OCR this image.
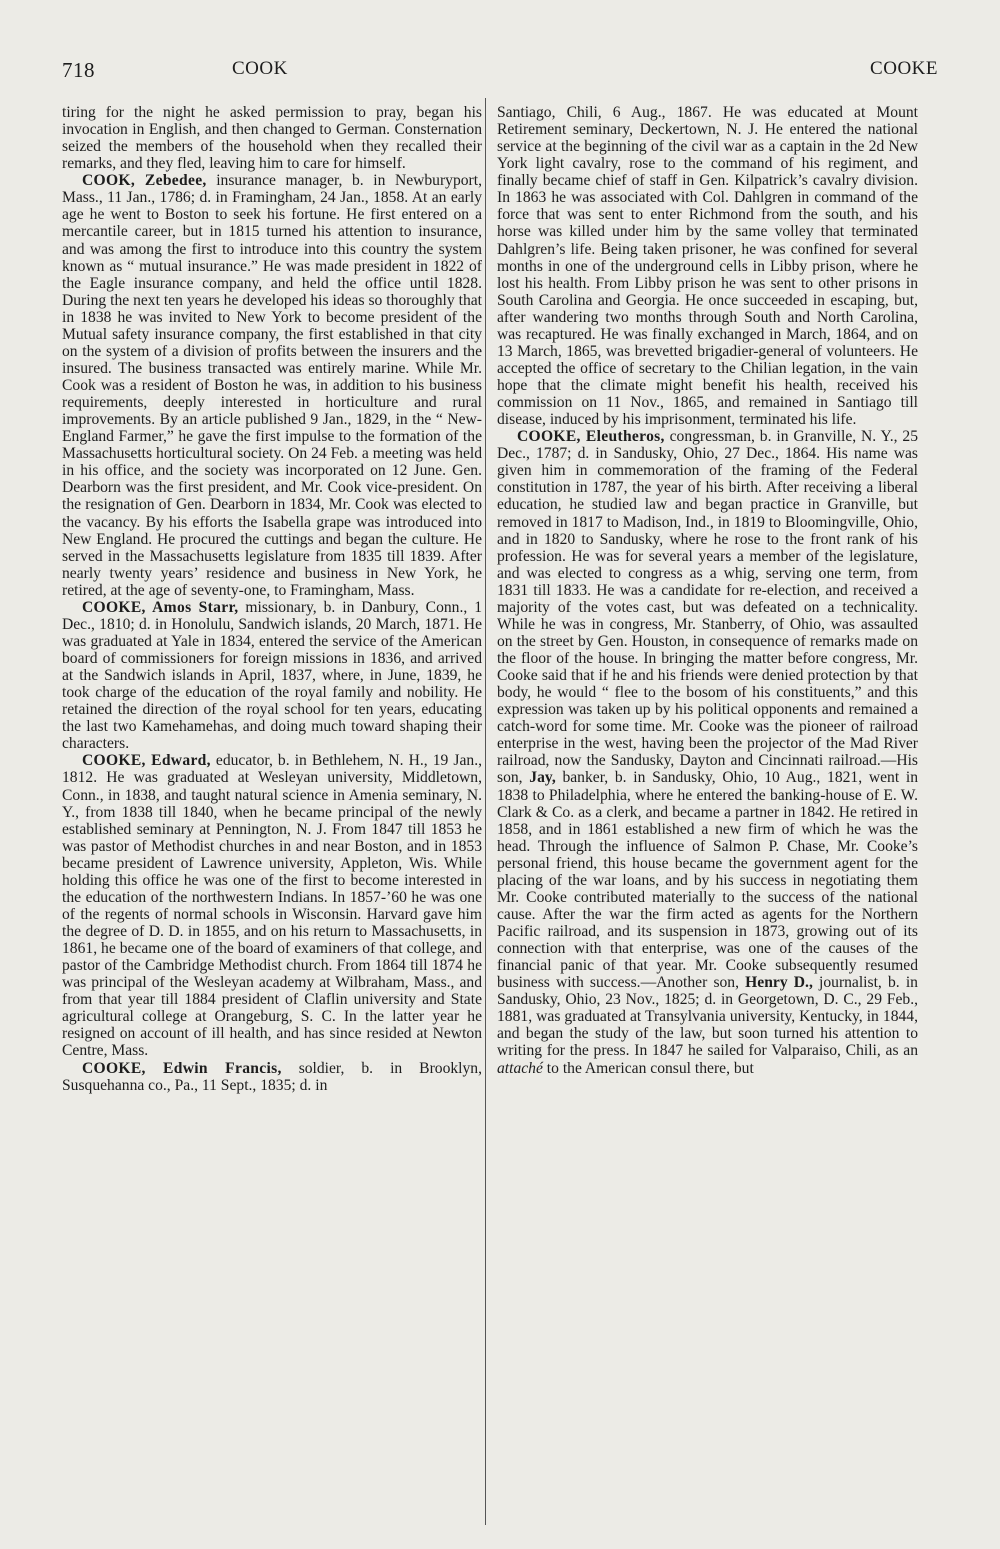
718	COOK	COOKE

tiring for the night he asked permission to pray, began his invocation in English, and then changed to German. Consternation seized the members of the household when they recalled their remarks, and they fled, leaving him to care for himself.

COOK, Zebedee, insurance manager, b. in Newburyport, Mass., 11 Jan., 1786; d. in Framingham, 24 Jan., 1858. At an early age he went to Boston to seek his fortune. He first entered on a mercantile career, but in 1815 turned his attention to insurance, and was among the first to introduce into this country the system known as “ mutual insurance.” He was made president in 1822 of the Eagle insurance company, and held the office until 1828. During the next ten years he developed his ideas so thoroughly that in 1838 he was invited to New York to become president of the Mutual safety insurance company, the first established in that city on the system of a division of profits between the insurers and the insured. The business transacted was entirely marine. While Mr. Cook was a resident of Boston he was, in addition to his business requirements, deeply interested in horticulture and rural improvements. By an article published 9 Jan., 1829, in the “ New-England Farmer,” he gave the first impulse to the formation of the Massachusetts horticultural society. On 24 Feb. a meeting was held in his office, and the society was incorporated on 12 June. Gen. Dearborn was the first president, and Mr. Cook vice-president. On the resignation of Gen. Dearborn in 1834, Mr. Cook was elected to the vacancy. By his efforts the Isabella grape was introduced into New England. He procured the cuttings and began the culture. He served in the Massachusetts legislature from 1835 till 1839. After nearly twenty years’ residence and business in New York, he retired, at the age of seventy-one, to Framingham, Mass.

COOKE, Amos Starr, missionary, b. in Danbury, Conn., 1 Dec., 1810; d. in Honolulu, Sandwich islands, 20 March, 1871. He was graduated at Yale in 1834, entered the service of the American board of commissioners for foreign missions in 1836, and arrived at the Sandwich islands in April, 1837, where, in June, 1839, he took charge of the education of the royal family and nobility. He retained the direction of the royal school for ten years, educating the last two Kamehamehas, and doing much toward shaping their characters.

COOKE, Edward, educator, b. in Bethlehem, N. H., 19 Jan., 1812. He was graduated at Wesleyan university, Middletown, Conn., in 1838, and taught natural science in Amenia seminary, N. Y., from 1838 till 1840, when he became principal of the newly established seminary at Pennington, N. J. From 1847 till 1853 he was pastor of Methodist churches in and near Boston, and in 1853 became president of Lawrence university, Appleton, Wis. While holding this office he was one of the first to become interested in the education of the northwestern Indians. In 1857-’60 he was one of the regents of normal schools in Wisconsin. Harvard gave him the degree of D. D. in 1855, and on his return to Massachusetts, in 1861, he became one of the board of examiners of that college, and pastor of the Cambridge Methodist church. From 1864 till 1874 he was principal of the Wesleyan academy at Wilbraham, Mass., and from that year till 1884 president of Claflin university and State agricultural college at Orangeburg, S. C. In the latter year he resigned on account of ill health, and has since resided at Newton Centre, Mass.

COOKE, Edwin Francis, soldier, b. in Brooklyn, Susquehanna co., Pa., 11 Sept., 1835; d. in

Santiago, Chili, 6 Aug., 1867. He was educated at Mount Retirement seminary, Deckertown, N. J. He entered the national service at the beginning of the civil war as a captain in the 2d New York light cavalry, rose to the command of his regiment, and finally became chief of staff in Gen. Kilpatrick’s cavalry division. In 1863 he was associated with Col. Dahlgren in command of the force that was sent to enter Richmond from the south, and his horse was killed under him by the same volley that terminated Dahlgren’s life. Being taken prisoner, he was confined for several months in one of the underground cells in Libby prison, where he lost his health. From Libby prison he was sent to other prisons in South Carolina and Georgia. He once succeeded in escaping, but, after wandering two months through South and North Carolina, was recaptured. He was finally exchanged in March, 1864, and on 13 March, 1865, was brevetted brigadier-general of volunteers. He accepted the office of secretary to the Chilian legation, in the vain hope that the climate might benefit his health, received his commission on 11 Nov., 1865, and remained in Santiago till disease, induced by his imprisonment, terminated his life.

COOKE, Eleutheros, congressman, b. in Granville, N. Y., 25 Dec., 1787; d. in Sandusky, Ohio, 27 Dec., 1864. His name was given him in commemoration of the framing of the Federal constitution in 1787, the year of his birth. After receiving a liberal education, he studied law and began practice in Granville, but removed in 1817 to Madison, Ind., in 1819 to Bloomingville, Ohio, and in 1820 to Sandusky, where he rose to the front rank of his profession. He was for several years a member of the legislature, and was elected to congress as a whig, serving one term, from 1831 till 1833. He was a candidate for re-election, and received a majority of the votes cast, but was defeated on a technicality. While he was in congress, Mr. Stanberry, of Ohio, was assaulted on the street by Gen. Houston, in consequence of remarks made on the floor of the house. In bringing the matter before congress, Mr. Cooke said that if he and his friends were denied protection by that body, he would “ flee to the bosom of his constituents,” and this expression was taken up by his political opponents and remained a catch-word for some time. Mr. Cooke was the pioneer of railroad enterprise in the west, having been the projector of the Mad River railroad, now the Sandusky, Dayton and Cincinnati railroad.—His son, Jay, banker, b. in Sandusky, Ohio, 10 Aug., 1821, went in 1838 to Philadelphia, where he entered the banking-house of E. W. Clark & Co. as a clerk, and became a partner in 1842. He retired in 1858, and in 1861 established a new firm of which he was the head. Through the influence of Salmon P. Chase, Mr. Cooke’s personal friend, this house became the government agent for the placing of the war loans, and by his success in negotiating them Mr. Cooke contributed materially to the success of the national cause. After the war the firm acted as agents for the Northern Pacific railroad, and its suspension in 1873, growing out of its connection with that enterprise, was one of the causes of the financial panic of that year. Mr. Cooke subsequently resumed business with success.—Another son, Henry D., journalist, b. in Sandusky, Ohio, 23 Nov., 1825; d. in Georgetown, D. C., 29 Feb., 1881, was graduated at Transylvania university, Kentucky, in 1844, and began the study of the law, but soon turned his attention to writing for the press. In 1847 he sailed for Valparaiso, Chili, as an attaché to the American consul there, but
